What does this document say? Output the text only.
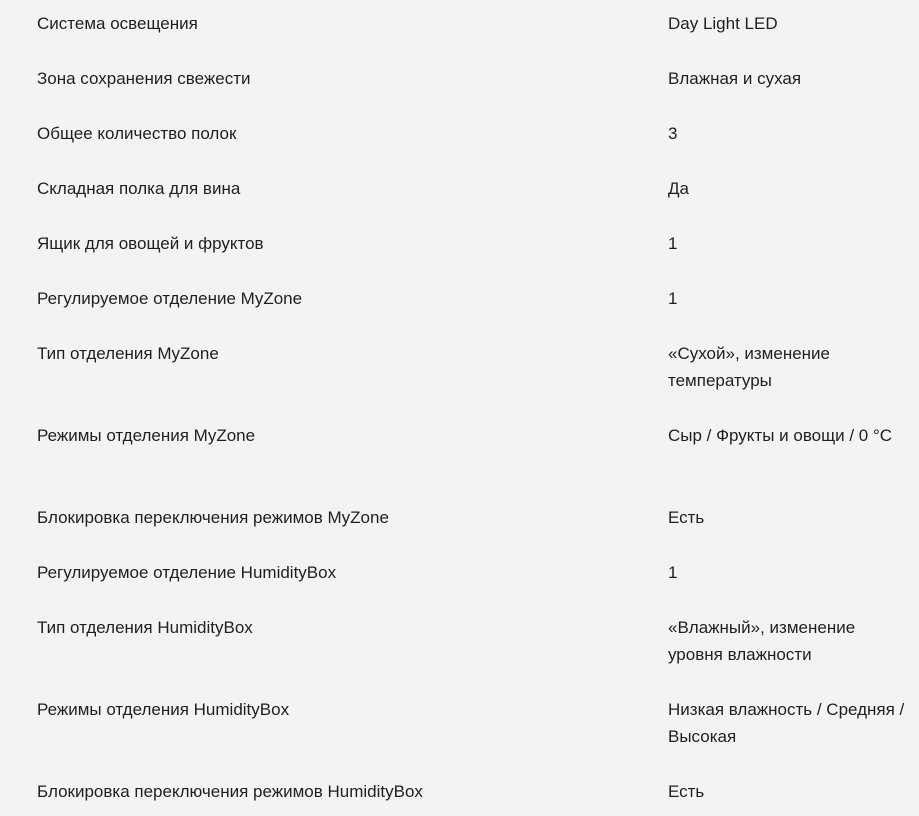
Система освещения	Day Light LED
Зона сохранения свежести	Влажная и сухая
Общее количество полок	3
Складная полка для вина	Да
Ящик для овощей и фруктов	1
Регулируемое отделение MyZone	1
Тип отделения MyZone	«Сухой», изменение температуры
Режимы отделения MyZone	Сыр / Фрукты и овощи / 0 °C
Блокировка переключения режимов MyZone	Есть
Регулируемое отделение HumidityBox	1
Тип отделения HumidityBox	«Влажный», изменение уровня влажности
Режимы отделения HumidityBox	Низкая влажность / Средняя / Высокая
Блокировка переключения режимов HumidityBox	Есть
